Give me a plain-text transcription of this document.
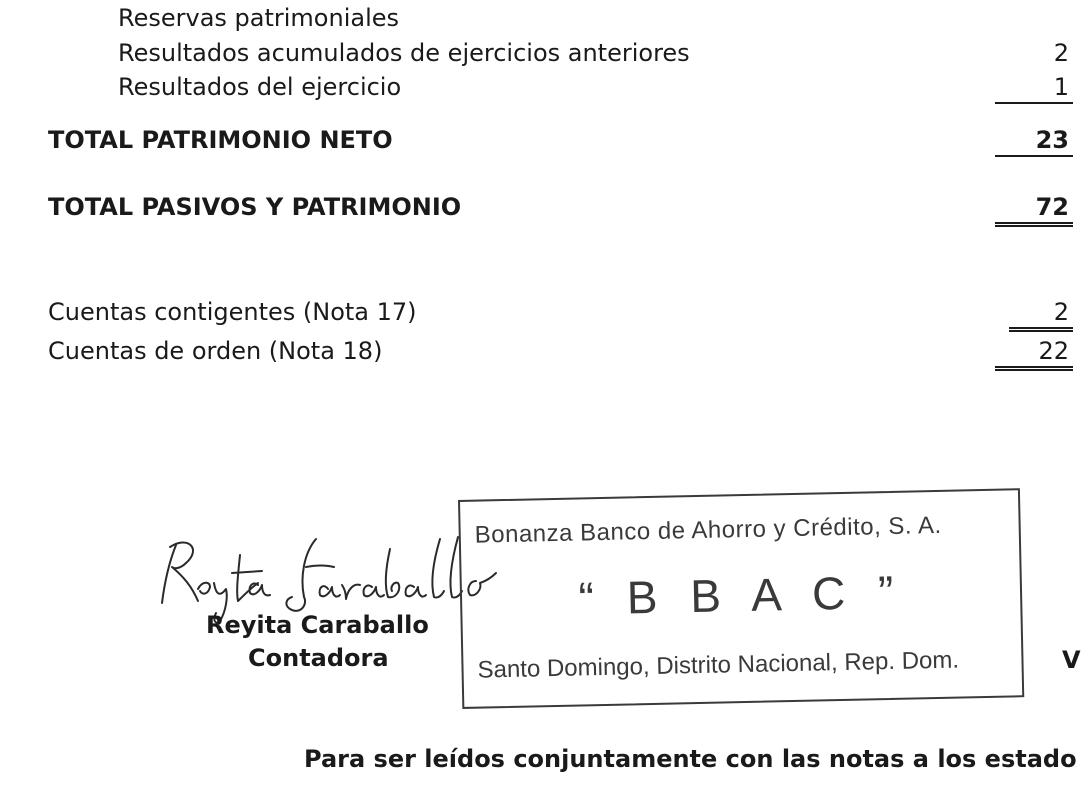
Reservas patrimoniales
Resultados acumulados de ejercicios anteriores	2
Resultados del ejercicio	1
TOTAL PATRIMONIO NETO	23
TOTAL PASIVOS Y PATRIMONIO	72
Cuentas contigentes (Nota 17)	2
Cuentas de orden (Nota 18)	22
Reyita Caraballo
Contadora
Bonanza Banco de Ahorro y Crédito, S. A.
“ B B A C ”
Santo Domingo, Distrito Nacional, Rep. Dom.	V
Para ser leídos conjuntamente con las notas a los estado
